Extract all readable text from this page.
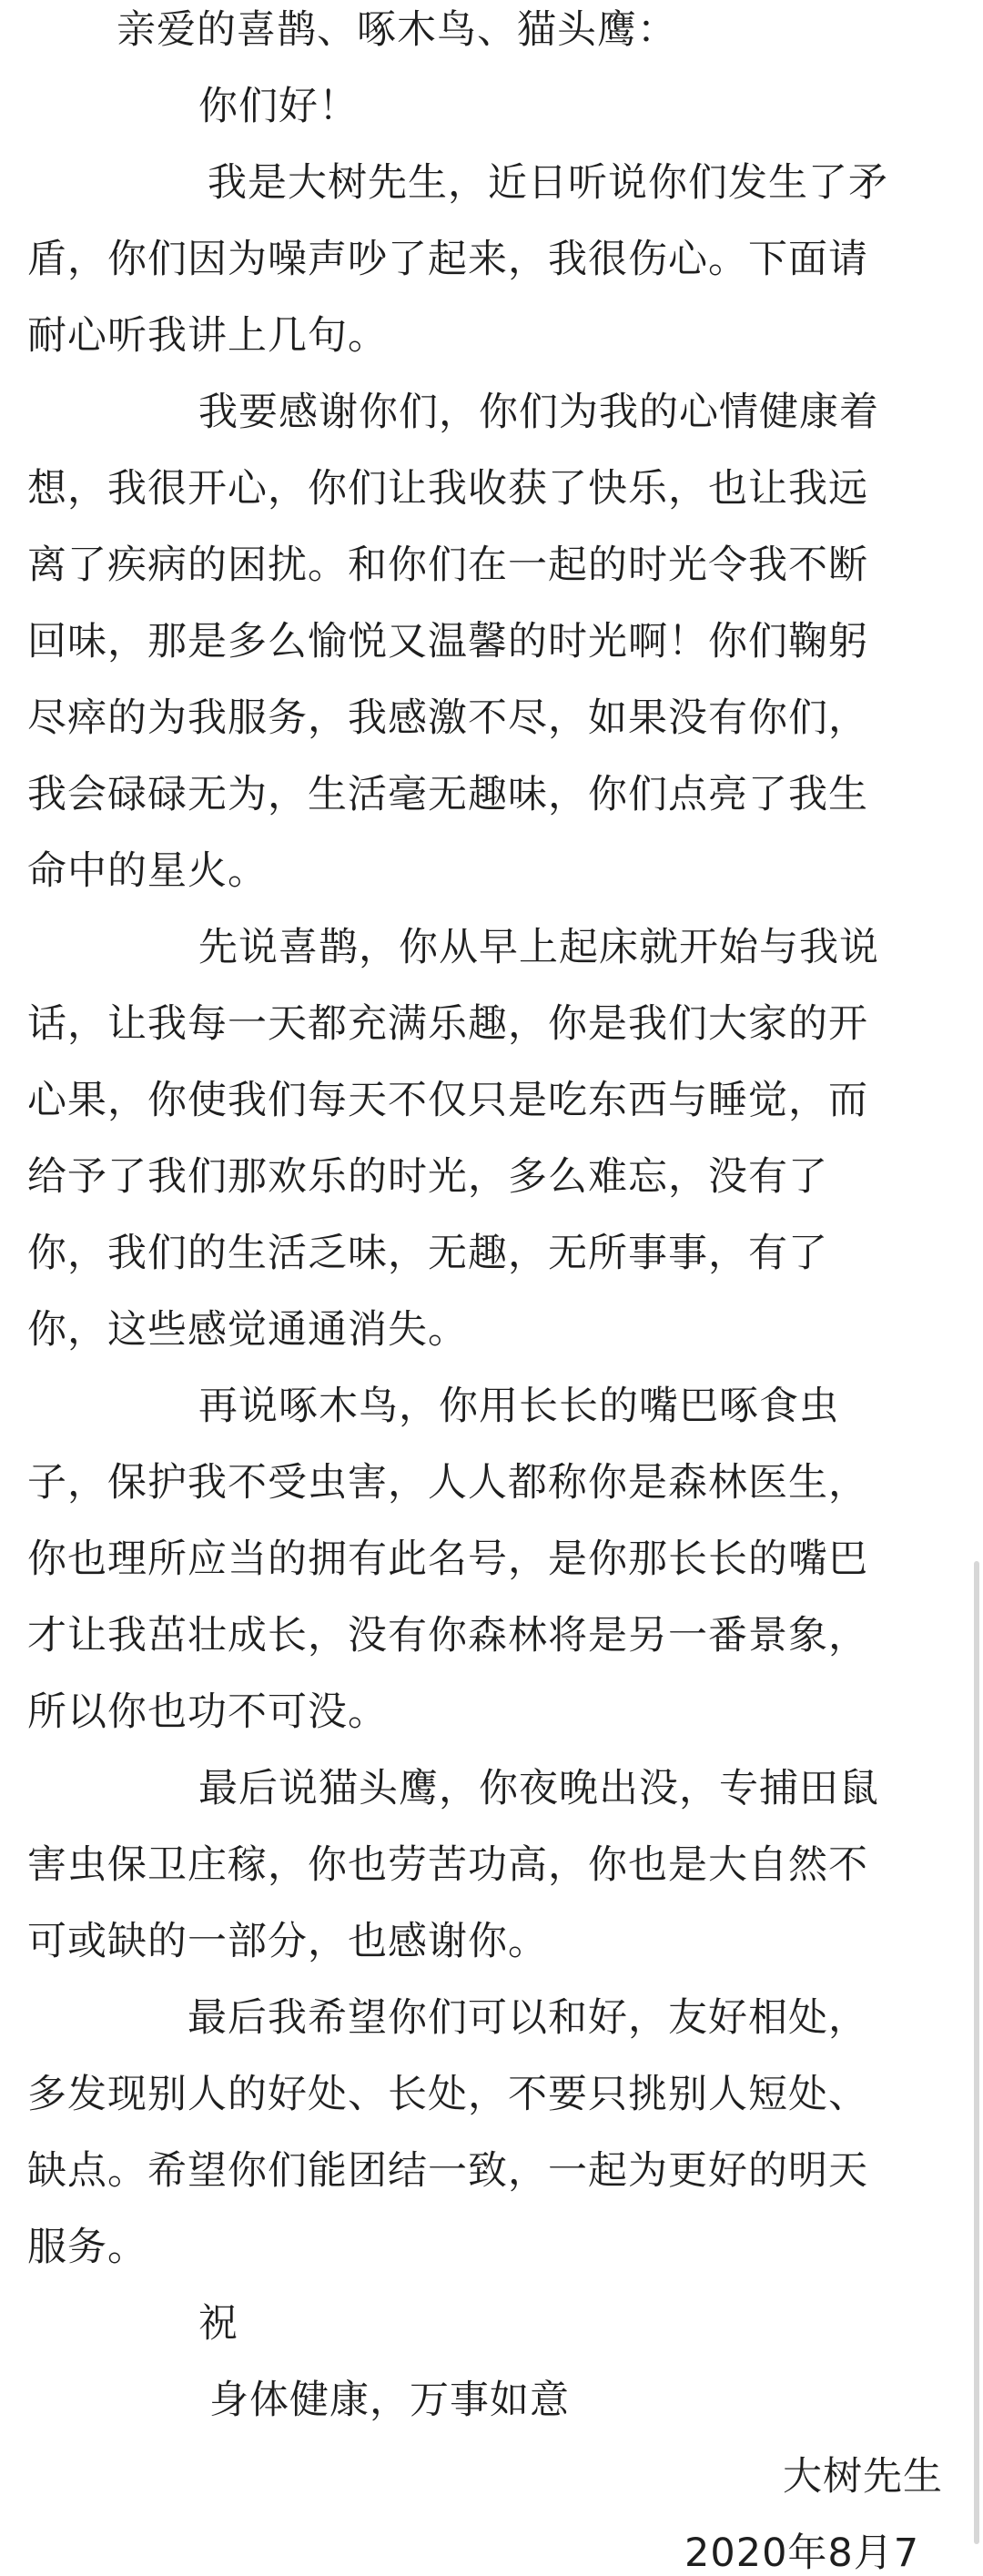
亲爱的喜鹊、啄木鸟、猫头鹰：
你们好！
我是大树先生，近日听说你们发生了矛
盾，你们因为噪声吵了起来，我很伤心。下面请
耐心听我讲上几句。
我要感谢你们，你们为我的心情健康着
想，我很开心，你们让我收获了快乐，也让我远
离了疾病的困扰。和你们在一起的时光令我不断
回味，那是多么愉悦又温馨的时光啊！你们鞠躬
尽瘁的为我服务，我感激不尽，如果没有你们，
我会碌碌无为，生活毫无趣味，你们点亮了我生
命中的星火。
先说喜鹊，你从早上起床就开始与我说
话，让我每一天都充满乐趣，你是我们大家的开
心果，你使我们每天不仅只是吃东西与睡觉，而
给予了我们那欢乐的时光，多么难忘，没有了
你，我们的生活乏味，无趣，无所事事，有了
你，这些感觉通通消失。
再说啄木鸟，你用长长的嘴巴啄食虫
子，保护我不受虫害，人人都称你是森林医生，
你也理所应当的拥有此名号，是你那长长的嘴巴
才让我茁壮成长，没有你森林将是另一番景象，
所以你也功不可没。
最后说猫头鹰，你夜晚出没，专捕田鼠
害虫保卫庄稼，你也劳苦功高，你也是大自然不
可或缺的一部分，也感谢你。
最后我希望你们可以和好，友好相处，
多发现别人的好处、长处，不要只挑别人短处、
缺点。希望你们能团结一致，一起为更好的明天
服务。
祝
身体健康，万事如意
大树先生
2020年8月7
